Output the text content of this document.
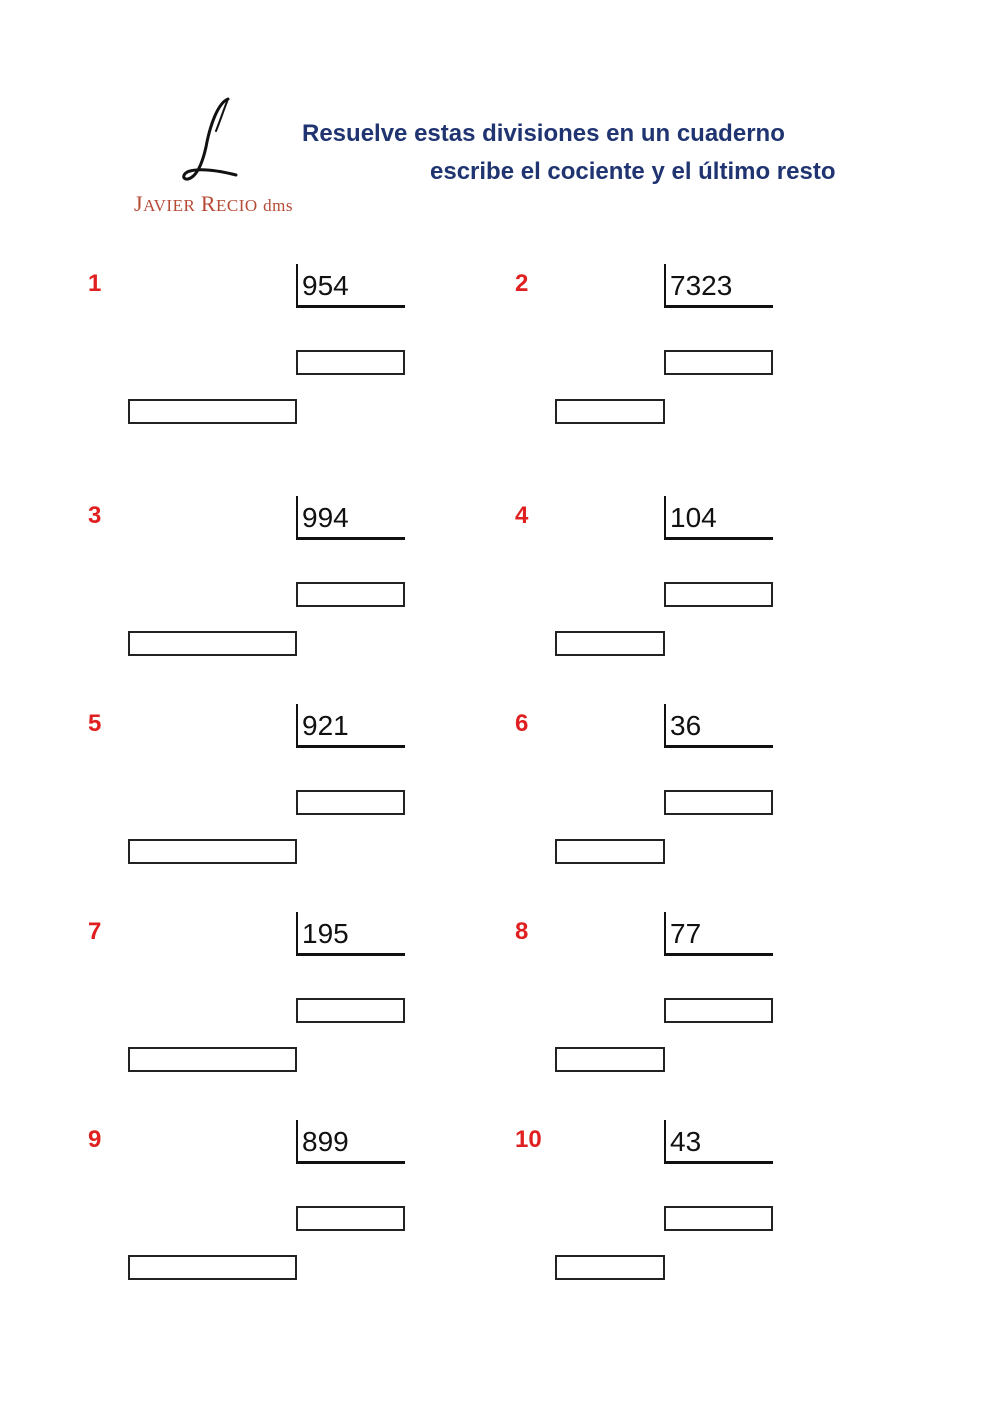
JAVIER RECIO dms
Resuelve estas divisiones en un cuaderno
escribe el cociente y el último resto
1	954	2	7323
3	994	4	104
5	921	6	36
7	195	8	77
9	899	10	43
